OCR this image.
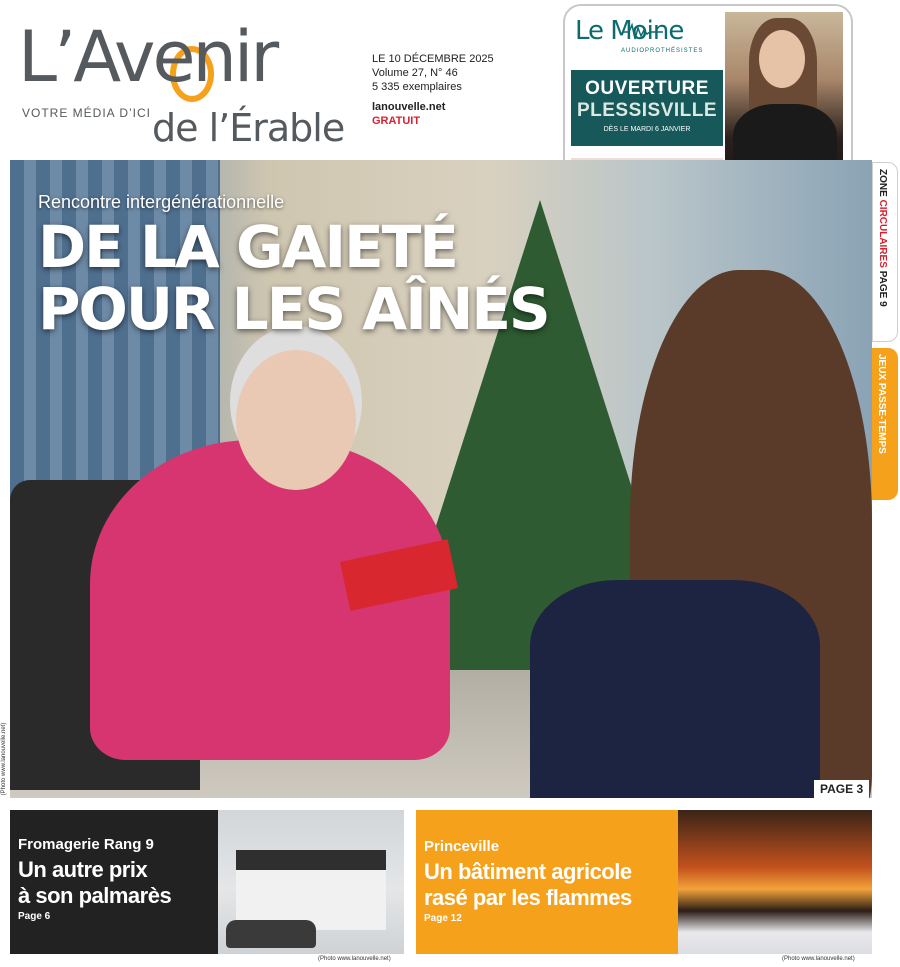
L’Avenir
VOTRE MÉDIA D’ICI de l’Érable
LE 10 DÉCEMBRE 2025
Volume 27, N° 46
5 335 exemplaires
lanouvelle.net
GRATUIT
Le Moine
AUDIOPROTHÉSISTES
OUVERTURE
PLESSISVILLE
DÈS LE MARDI 6 JANVIER
Rencontre intergénérationnelle
DE LA GAIETÉ
POUR LES AÎNÉS
PAGE 3
(Photo www.lanouvelle.net)
ZONE CIRCULAIRES PAGE 9
JEUX PASSE-TEMPS
Fromagerie Rang 9
Un autre prix
à son palmarès
Page 6
(Photo www.lanouvelle.net)
Princeville
Un bâtiment agricole
rasé par les flammes
Page 12
(Photo www.lanouvelle.net)
